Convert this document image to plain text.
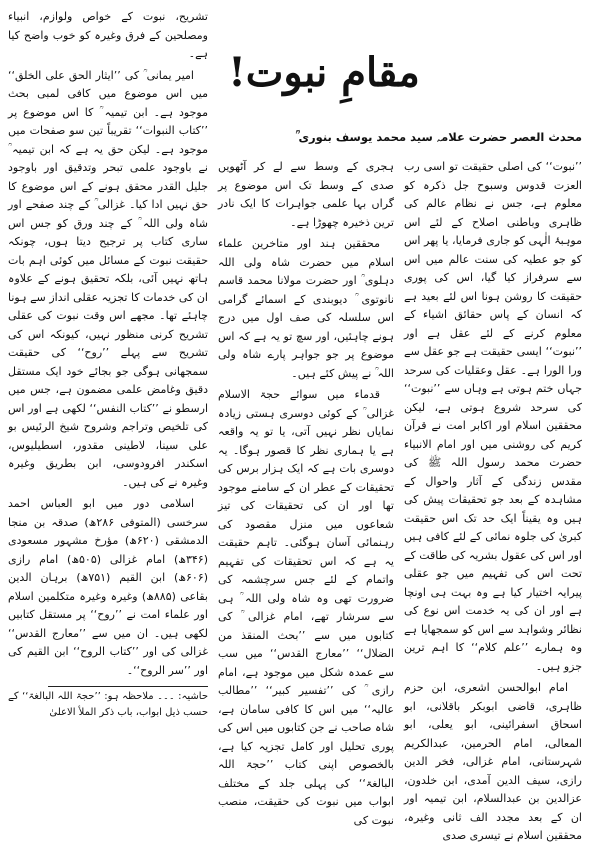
مقامِ نبوت!
محدث العصر حضرت علامہ سید محمد یوسف بنوری ؒ

’’نبوت‘‘ کی اصلی حقیقت تو اسی رب العزت قدوس وسبوح جل ذکرہ کو معلوم ہے، جس نے نظام عالم کی ظاہری وباطنی اصلاح کے لئے اس موہبۂ الٰہی کو جاری فرمایا، یا پھر اس کو جو عطیہ کی سنت عالم میں اس سے سرفراز کیا گیا، اس کی پوری حقیقت کا روشن ہونا اس لئے بعید ہے کہ انسان کے پاس حقائق اشیاء کے معلوم کرنے کے لئے عقل ہے اور ’’نبوت‘‘ ایسی حقیقت ہے جو عقل سے ورا الورا ہے۔ عقل وعقلیات کی سرحد جہاں ختم ہوتی ہے وہاں سے ’’نبوت‘‘ کی سرحد شروع ہوتی ہے، لیکن محققین اسلام اور اکابر امت نے قرآن کریم کی روشنی میں اور امام الانبیاء حضرت محمد رسول اللہ ﷺ کی مقدس زندگی کے آثار واحوال کے مشاہدہ کے بعد جو تحقیقات پیش کی ہیں وہ یقیناً ایک حد تک اس حقیقت کبریٰ کی جلوہ نمائی کے لئے کافی ہیں اور اس کی عقول بشریہ کی طاقت کے تحت اس کی تفہیم میں جو عقلی پیرایہ اختیار کیا ہے وہ بہت ہی اونچا ہے اور ان کی یہ خدمت اس نوع کی نظائر وشواہد سے اس کو سمجھایا ہے وہ ہمارے ’’علم کلام‘‘ کا اہم ترین جزو ہیں۔

امام ابوالحسن اشعری، ابن حزم ظاہری، قاضی ابوبکر باقلانی، ابو اسحاق اسفرائینی، ابو یعلی، ابو المعالی، امام الحرمین، عبدالکریم شہرستانی، امام غزالی، فخر الدین رازی، سیف الدین آمدی، ابن خلدون، عزالدین بن عبدالسلام، ابن تیمیہ اور ان کے بعد مجدد الف ثانی وغیرہ، محققین اسلام نے تیسری صدی

ہجری کے وسط سے لے کر آٹھویں صدی کے وسط تک اس موضوع پر گراں بہا علمی جواہرات کا ایک نادر ترین ذخیرہ چھوڑا ہے۔

محققین ہند اور متاخرین علماء اسلام میں حضرت شاہ ولی اللہ دہلوی ؒ اور حضرت مولانا محمد قاسم نانوتوی ؒ دیوبندی کے اسمائے گرامی اس سلسلہ کی صف اول میں درج ہونے چاہئیں، اور سچ تو یہ ہے کہ اس موضوع پر جو جواہر پارے شاہ ولی اللہ ؒ نے پیش کئے ہیں۔

قدماء میں سوائے حجۃ الاسلام غزالی ؒ کے کوئی دوسری ہستی زیادہ نمایاں نظر نہیں آتی، یا تو یہ واقعہ ہے یا ہماری نظر کا قصور ہوگا۔ یہ دوسری بات ہے کہ ایک ہزار برس کی تحقیقات کے عطر ان کے سامنے موجود تھا اور ان کی تحقیقات کی تیز شعاعوں میں منزل مقصود کی رہنمائی آسان ہوگئی۔ تاہم حقیقت یہ ہے کہ اس تحقیقات کی تفہیم واتمام کے لئے جس سرچشمہ کی ضرورت تھی وہ شاہ ولی اللہ ؒ ہی سے سرشار تھے، امام غزالی ؒ کی کتابوں میں سے ’’بحث المنقذ من الضلال‘‘ ’’معارج القدس‘‘ میں سب سے عمدہ شکل میں موجود ہے، امام رازی ؒ کی ’’تفسیر کبیر‘‘ ’’مطالب عالیہ‘‘ میں اس کا کافی سامان ہے، شاہ صاحب نے جن کتابوں میں اس کی پوری تحلیل اور کامل تجزیہ کیا ہے، بالخصوص اپنی کتاب ’’حجۃ اللہ البالغۃ‘‘ کی پہلی جلد کے مختلف ابواب میں نبوت کی حقیقت، منصب نبوت کی

تشریح، نبوت کے خواص ولوازم، انبیاء ومصلحین کے فرق وغیرہ کو خوب واضح کیا ہے۔

امیر یمانی ؒ کی ’’ایثار الحق علی الخلق‘‘ میں اس موضوع میں کافی لمبی بحث موجود ہے۔ ابن تیمیہ ؒ کا اس موضوع پر ’’کتاب النبوات‘‘ تقریباً تین سو صفحات میں موجود ہے۔ لیکن حق یہ ہے کہ ابن تیمیہ ؒ نے باوجود علمی تبحر وتدقیق اور باوجود جلیل القدر محقق ہونے کے اس موضوع کا حق نہیں ادا کیا۔ غزالی ؒ کے چند صفحے اور شاہ ولی اللہ ؒ کے چند ورق کو جس اس ساری کتاب پر ترجیح دیتا ہوں، چونکہ حقیقت نبوت کے مسائل میں کوئی اہم بات ہاتھ نہیں آئی، بلکہ تحقیق ہونے کے علاوہ ان کی خدمات کا تجزیہ عقلی انداز سے ہونا چاہئے تھا۔ مجھے اس وقت نبوت کی عقلی تشریح کرنی منظور نہیں، کیونکہ اس کی تشریح سے پہلے ’’روح‘‘ کی حقیقت سمجھانی ہوگی جو بجائے خود ایک مستقل دقیق وغامض علمی مضمون ہے، جس میں ارسطو نے ’’کتاب النفس‘‘ لکھی ہے اور اس کی تلخیص وتراجم وشروح شیخ الرئیس بو علی سینا، لاطینی مقدور، اسطیلیوس، اسکندر افرودوسی، ابن بطریق وغیرہ وغیرہ نے کی ہیں۔

اسلامی دور میں ابو العباس احمد سرخسی (المتوفی ۲۸۶ھ) صدقہ بن منجا الدمشقی (۶۲۰ھ) مؤرخ مشہور مسعودی (۳۴۶ھ) امام غزالی (۵۰۵ھ) امام رازی (۶۰۶ھ) ابن القیم (۷۵۱ھ) برہان الدین بقاعی (۸۸۵ھ) وغیرہ وغیرہ متکلمین اسلام اور علماء امت نے ’’روح‘‘ پر مستقل کتابیں لکھی ہیں۔ ان میں سے ’’معارج القدس‘‘ غزالی کی اور ’’کتاب الروح‘‘ ابن القیم کی اور ’’سر الروح‘‘۔

حاشیہ: ۔۔۔ ملاحظہ ہو: ’’حجۃ اللہ البالغۃ‘‘ کے حسب ذیل ابواب، باب ذکر الملأ الاعلیٰ
